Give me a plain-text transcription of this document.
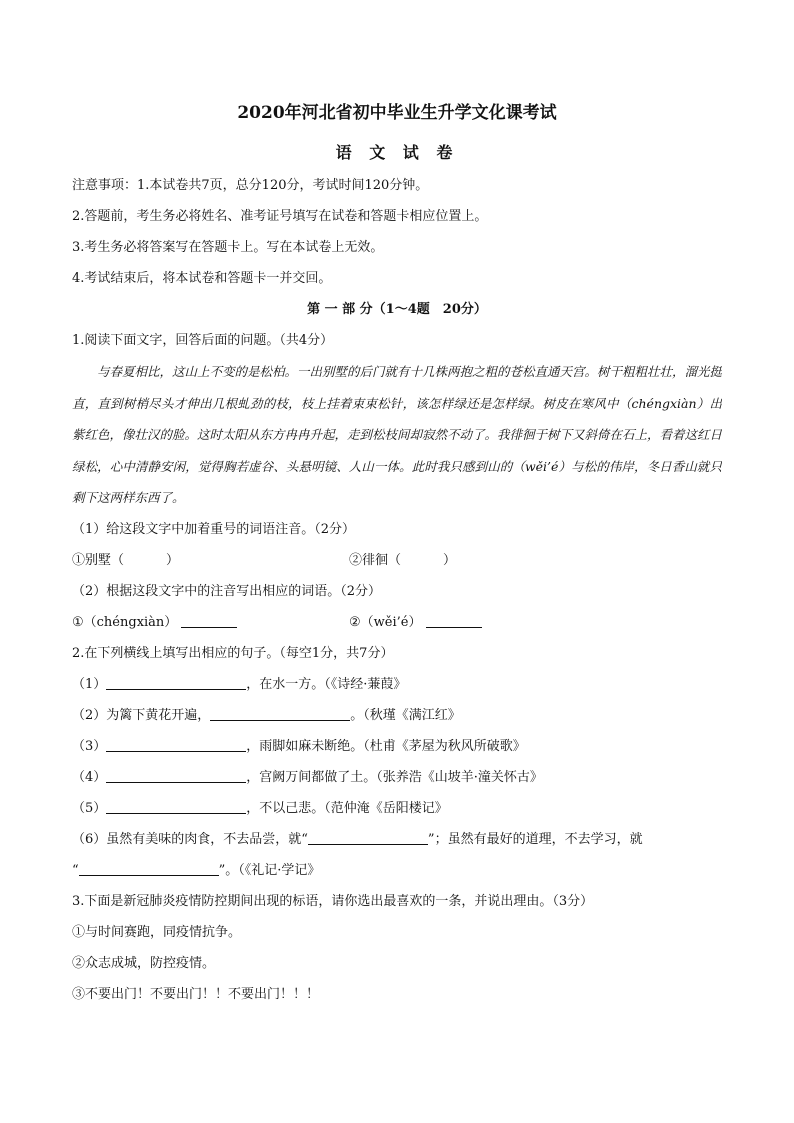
2020年河北省初中毕业生升学文化课考试
语 文 试 卷
注意事项：1.本试卷共7页，总分120分，考试时间120分钟。
2.答题前，考生务必将姓名、准考证号填写在试卷和答题卡相应位置上。
3.考生务必将答案写在答题卡上。写在本试卷上无效。
4.考试结束后，将本试卷和答题卡一并交回。
第 一 部 分（1～4题　20分）
1.阅读下面文字，回答后面的问题。（共4分）

与春夏相比，这山上不变的是松柏。一出别墅的后门就有十几株两抱之粗的苍松直通天宫。树干粗粗壮壮，溜光挺直，直到树梢尽头才伸出几根虬劲的枝，枝上挂着束束松针，该怎样绿还是怎样绿。树皮在寒风中（chéngxiàn）出紫红色，像壮汉的脸。这时太阳从东方冉冉升起，走到松枝间却寂然不动了。我徘徊于树下又斜倚在石上，看着这红日绿松，心中清静安闲，觉得胸若虚谷、头悬明镜、人山一体。此时我只感到山的（wěi’é）与松的伟岸，冬日香山就只剩下这两样东西了。

（1）给这段文字中加着重号的词语注音。（2分）
①别墅（	）	②徘徊（	）
（2）根据这段文字中的注音写出相应的词语。（2分）
①（chéngxiàn）	②（wěi’é）
2.在下列横线上填写出相应的句子。（每空1分，共7分）
（1）	，在水一方。（《诗经·蒹葭》
（2）为篱下黄花开遍，	。（秋瑾《满江红》
（3）	，雨脚如麻未断绝。（杜甫《茅屋为秋风所破歌》
（4）	，宫阙万间都做了土。（张养浩《山坡羊·潼关怀古》
（5）	，不以己悲。（范仲淹《岳阳楼记》
（6）虽然有美味的肉食，不去品尝，就“	”；虽然有最好的道理，不去学习，就
“	”。（《礼记·学记》
3.下面是新冠肺炎疫情防控期间出现的标语，请你选出最喜欢的一条，并说出理由。（3分）
①与时间赛跑，同疫情抗争。
②众志成城，防控疫情。
③不要出门！不要出门！！不要出门！！！
